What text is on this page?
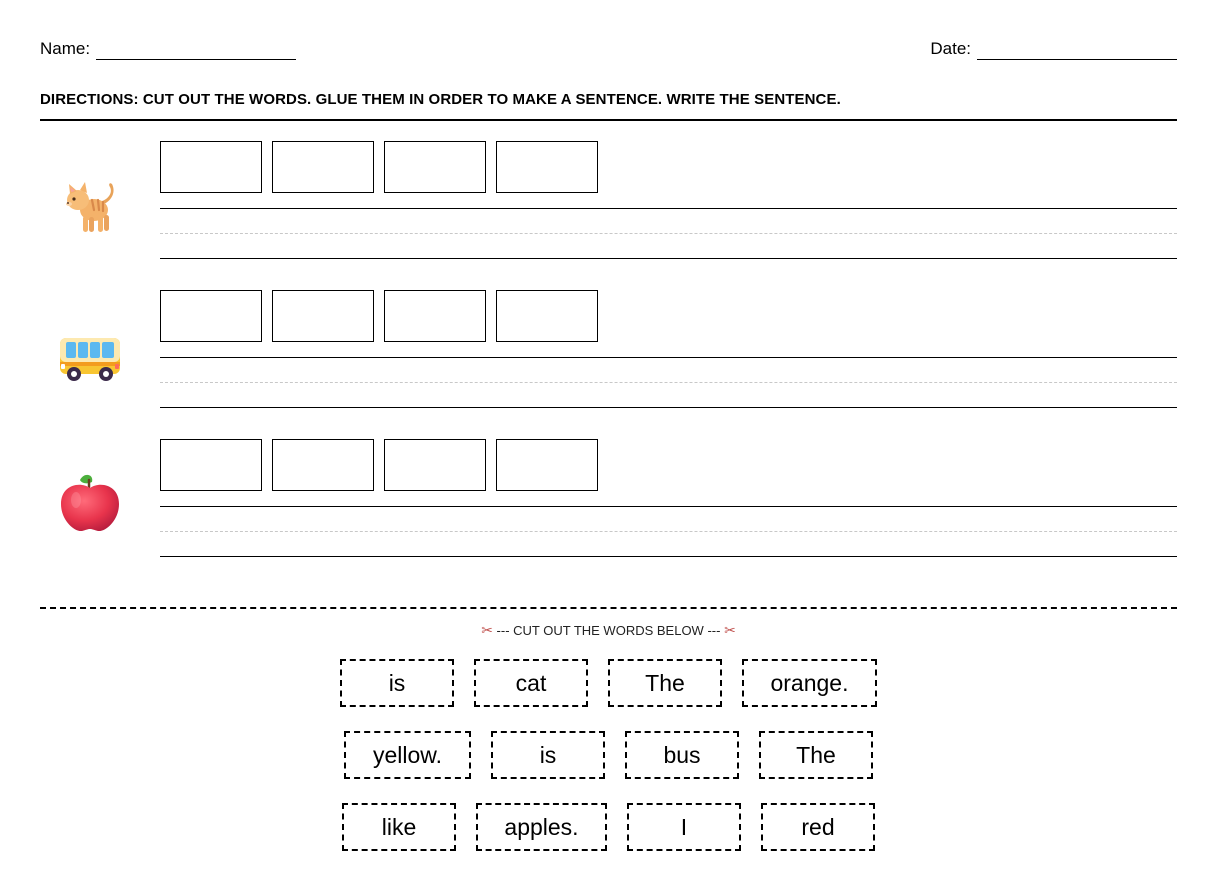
Name:	Date:
DIRECTIONS: CUT OUT THE WORDS. GLUE THEM IN ORDER TO MAKE A SENTENCE. WRITE THE SENTENCE.
✂ --- CUT OUT THE WORDS BELOW --- ✂
is	cat	The	orange.
yellow.	is	bus	The
like	apples.	I	red
